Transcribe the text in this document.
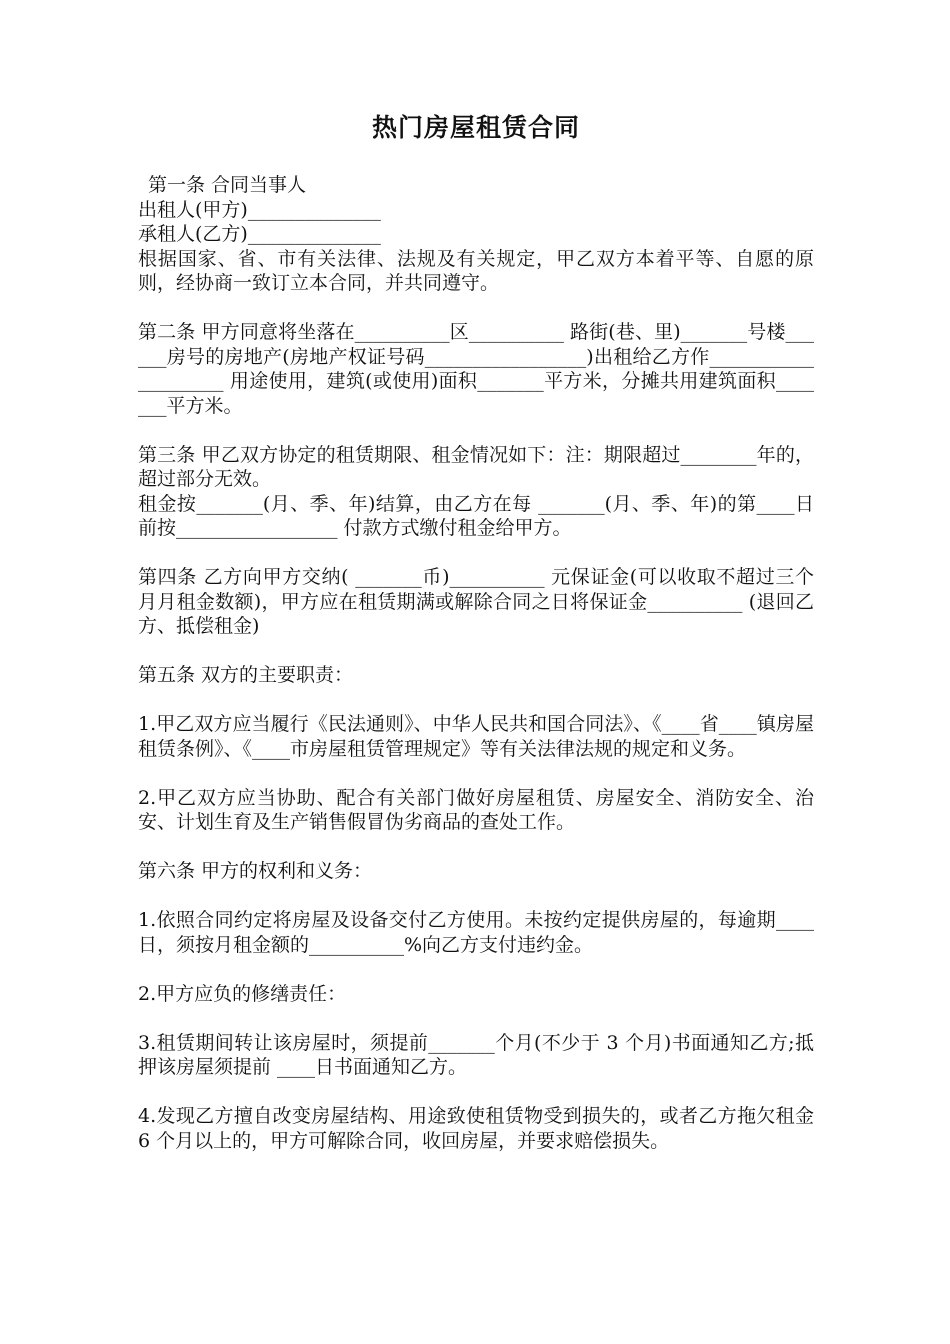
热门房屋租赁合同

第一条 合同当事人

出租人(甲方)______________

承租人(乙方)______________

根据国家、省、市有关法律、法规及有关规定，甲乙双方本着平等、自愿的原则，经协商一致订立本合同，并共同遵守。

第二条 甲方同意将坐落在__________区__________ 路街(巷、里)_______号楼______房号的房地产(房地产权证号码_________________)出租给乙方作____________________ 用途使用，建筑(或使用)面积_______平方米，分摊共用建筑面积_______平方米。

第三条 甲乙双方协定的租赁期限、租金情况如下：注：期限超过________年的，超过部分无效。

租金按_______(月、季、年)结算，由乙方在每 _______(月、季、年)的第____日前按_________________ 付款方式缴付租金给甲方。

第四条 乙方向甲方交纳( _______币)__________ 元保证金(可以收取不超过三个月月租金数额)，甲方应在租赁期满或解除合同之日将保证金__________ (退回乙方、抵偿租金)

第五条 双方的主要职责：

1.甲乙双方应当履行《民法通则》、中华人民共和国合同法》、《____省____镇房屋租赁条例》、《____市房屋租赁管理规定》等有关法律法规的规定和义务。

2.甲乙双方应当协助、配合有关部门做好房屋租赁、房屋安全、消防安全、治安、计划生育及生产销售假冒伪劣商品的查处工作。

第六条 甲方的权利和义务：

1.依照合同约定将房屋及设备交付乙方使用。未按约定提供房屋的，每逾期____日，须按月租金额的__________%向乙方支付违约金。

2.甲方应负的修缮责任：

3.租赁期间转让该房屋时，须提前_______个月(不少于 3 个月)书面通知乙方;抵押该房屋须提前 ____日书面通知乙方。

4.发现乙方擅自改变房屋结构、用途致使租赁物受到损失的，或者乙方拖欠租金 6 个月以上的，甲方可解除合同，收回房屋，并要求赔偿损失。
